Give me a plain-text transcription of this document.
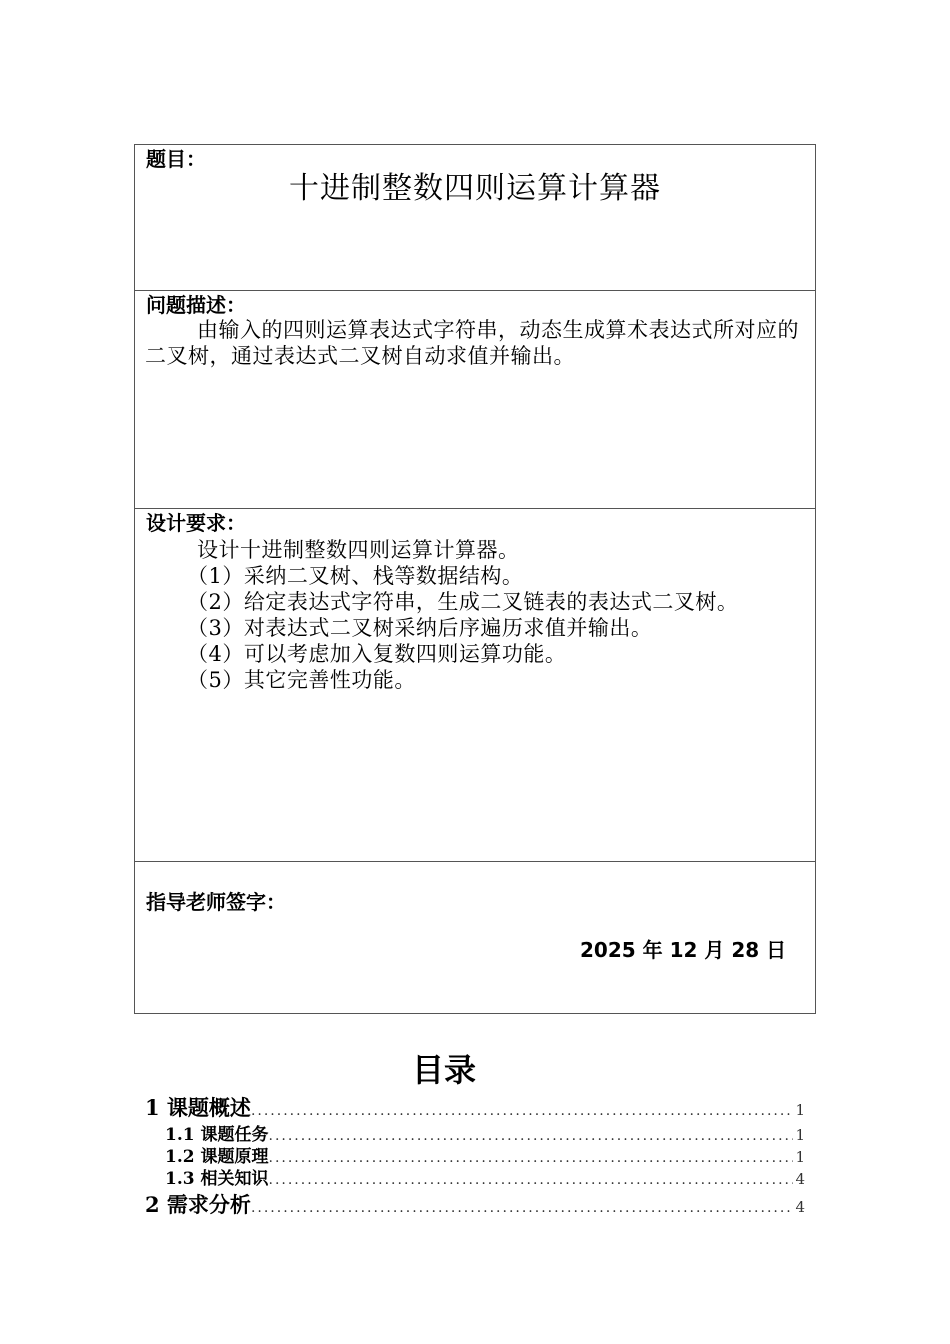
题目：
十进制整数四则运算计算器
问题描述：
由输入的四则运算表达式字符串，动态生成算术表达式所对应的二叉树，通过表达式二叉树自动求值并输出。
设计要求：
设计十进制整数四则运算计算器。
（1）采纳二叉树、栈等数据结构。
（2）给定表达式字符串，生成二叉链表的表达式二叉树。
（3）对表达式二叉树采纳后序遍历求值并输出。
（4）可以考虑加入复数四则运算功能。
（5）其它完善性功能。
指导老师签字：
2025 年 12 月 28 日
目录
1 课题概述 .....	1
1.1 课题任务 .....	1
1.2 课题原理 .....	1
1.3 相关知识 .....	4
2 需求分析 .....	4
